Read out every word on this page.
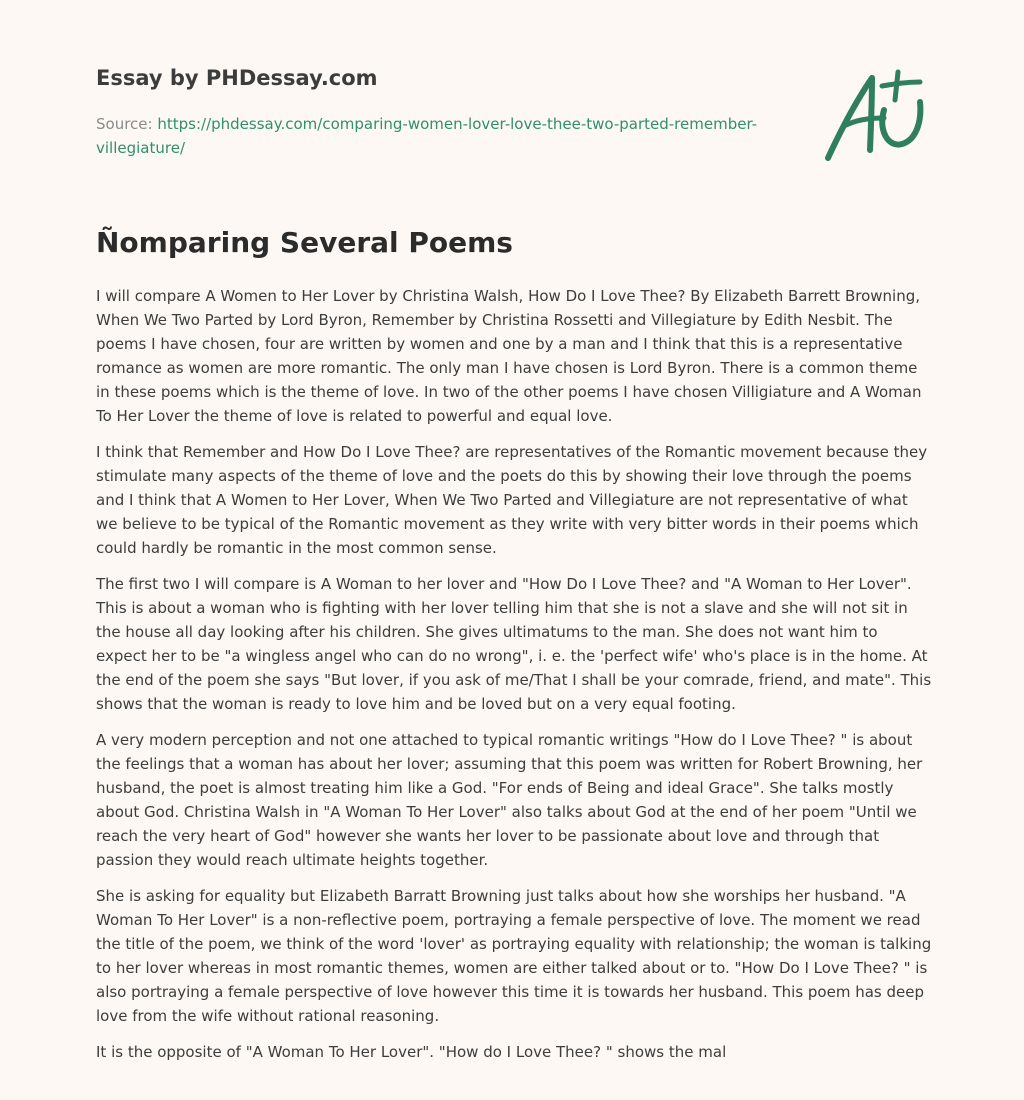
Essay by PHDessay.com
Source: https://phdessay.com/comparing-women-lover-love-thee-two-parted-remember-villegiature/
Ñomparing Several Poems

I will compare A Women to Her Lover by Christina Walsh, How Do I Love Thee? By Elizabeth Barrett Browning, When We Two Parted by Lord Byron, Remember by Christina Rossetti and Villegiature by Edith Nesbit. The poems I have chosen, four are written by women and one by a man and I think that this is a representative romance as women are more romantic. The only man I have chosen is Lord Byron. There is a common theme in these poems which is the theme of love. In two of the other poems I have chosen Villigiature and A Woman To Her Lover the theme of love is related to powerful and equal love.

I think that Remember and How Do I Love Thee? are representatives of the Romantic movement because they stimulate many aspects of the theme of love and the poets do this by showing their love through the poems and I think that A Women to Her Lover, When We Two Parted and Villegiature are not representative of what we believe to be typical of the Romantic movement as they write with very bitter words in their poems which could hardly be romantic in the most common sense.

The first two I will compare is A Woman to her lover and "How Do I Love Thee? and "A Woman to Her Lover". This is about a woman who is fighting with her lover telling him that she is not a slave and she will not sit in the house all day looking after his children. She gives ultimatums to the man. She does not want him to expect her to be "a wingless angel who can do no wrong", i. e. the 'perfect wife' who's place is in the home. At the end of the poem she says "But lover, if you ask of me/That I shall be your comrade, friend, and mate". This shows that the woman is ready to love him and be loved but on a very equal footing.

A very modern perception and not one attached to typical romantic writings "How do I Love Thee? " is about the feelings that a woman has about her lover; assuming that this poem was written for Robert Browning, her husband, the poet is almost treating him like a God. "For ends of Being and ideal Grace". She talks mostly about God. Christina Walsh in "A Woman To Her Lover" also talks about God at the end of her poem "Until we reach the very heart of God" however she wants her lover to be passionate about love and through that passion they would reach ultimate heights together.

She is asking for equality but Elizabeth Barratt Browning just talks about how she worships her husband. "A Woman To Her Lover" is a non-reflective poem, portraying a female perspective of love. The moment we read the title of the poem, we think of the word 'lover' as portraying equality with relationship; the woman is talking to her lover whereas in most romantic themes, women are either talked about or to. "How Do I Love Thee? " is also portraying a female perspective of love however this time it is towards her husband. This poem has deep love from the wife without rational reasoning.

It is the opposite of "A Woman To Her Lover". "How do I Love Thee? " shows the mal
